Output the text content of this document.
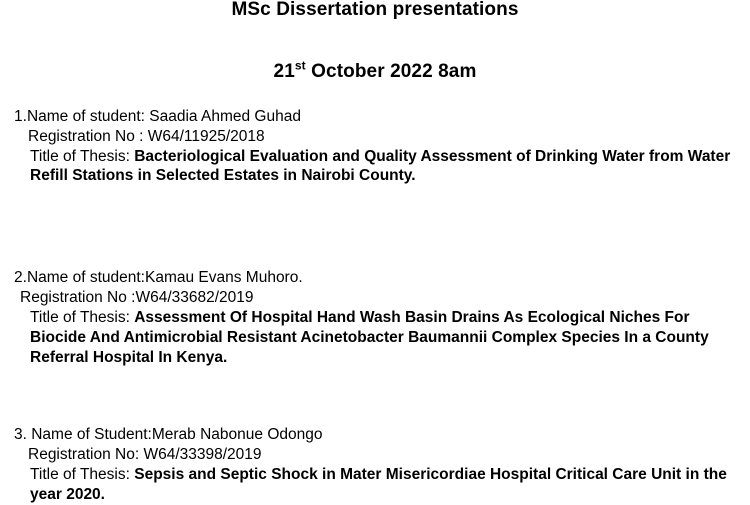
MSc Dissertation presentations

21st October 2022 8am

1.Name of student: Saadia Ahmed Guhad

Registration No : W64/11925/2018

Title of Thesis: Bacteriological Evaluation and Quality Assessment of Drinking Water from Water Refill Stations in Selected Estates in Nairobi County.

2.Name of student:Kamau Evans Muhoro.

Registration No :W64/33682/2019

Title of Thesis: Assessment Of Hospital Hand Wash Basin Drains As Ecological Niches For Biocide And Antimicrobial Resistant Acinetobacter Baumannii Complex Species In a County Referral Hospital In Kenya.

3. Name of Student:Merab Nabonue Odongo

Registration No: W64/33398/2019

Title of Thesis: Sepsis and Septic Shock in Mater Misericordiae Hospital Critical Care Unit in the year 2020.
